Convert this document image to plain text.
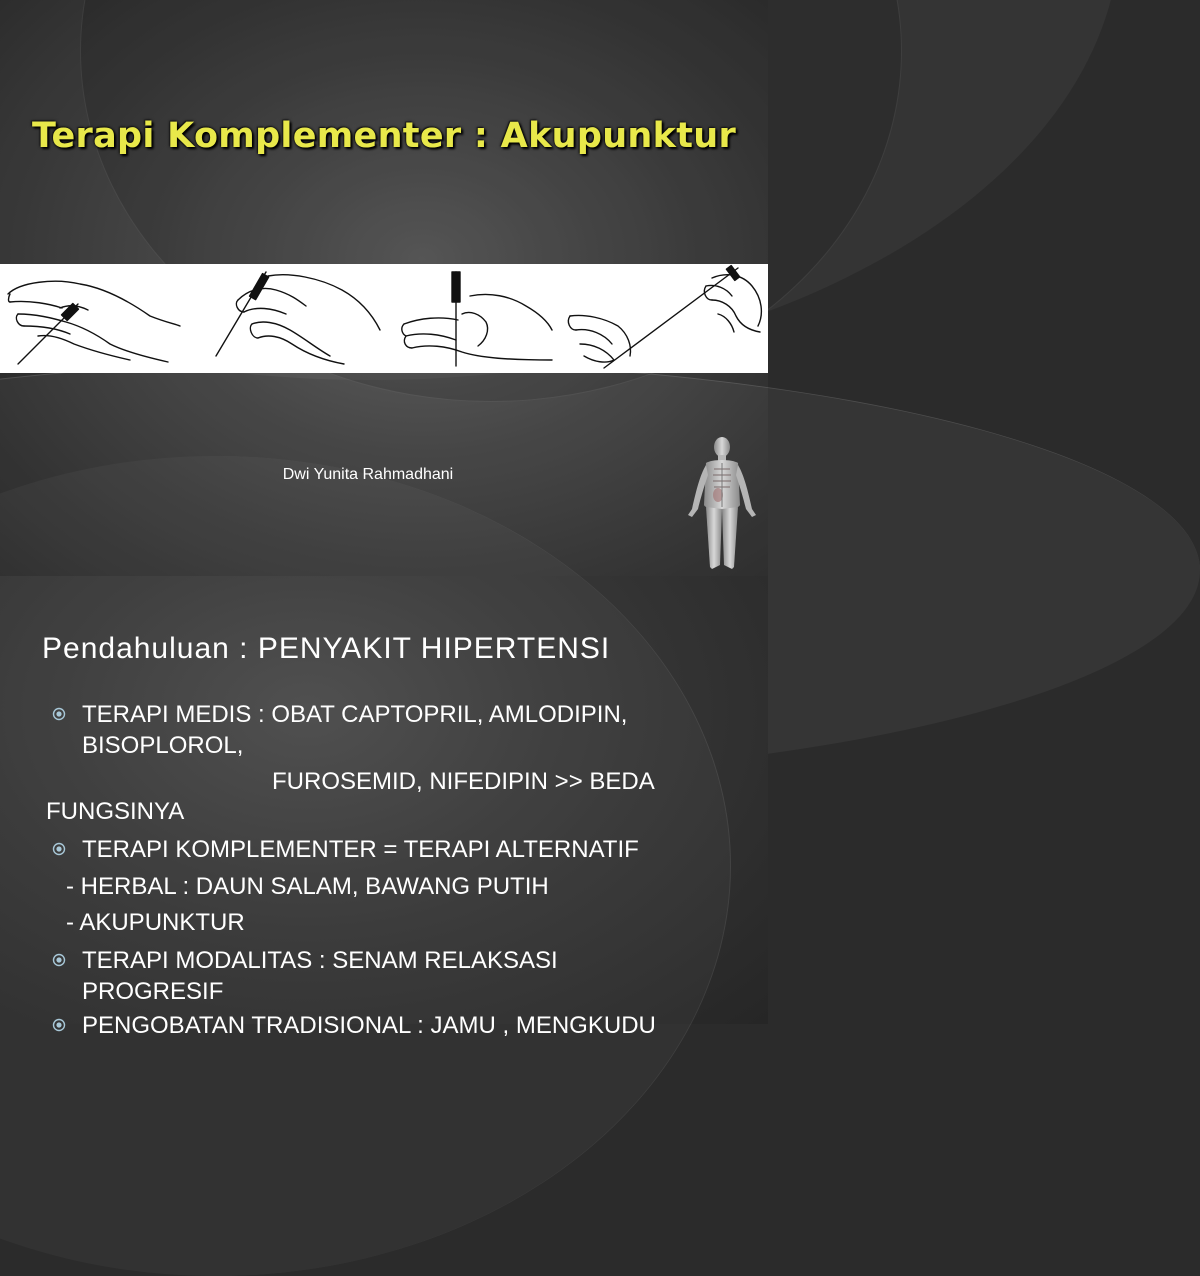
Terapi Komplementer : Akupunktur
Dwi Yunita Rahmadhani
Pendahuluan : PENYAKIT HIPERTENSI
TERAPI MEDIS : OBAT CAPTOPRIL, AMLODIPIN,
BISOPLOROL,
FUROSEMID, NIFEDIPIN >> BEDA
FUNGSINYA
TERAPI KOMPLEMENTER = TERAPI ALTERNATIF
- HERBAL : DAUN SALAM, BAWANG PUTIH
- AKUPUNKTUR
TERAPI MODALITAS : SENAM RELAKSASI
PROGRESIF
PENGOBATAN TRADISIONAL : JAMU , MENGKUDU
